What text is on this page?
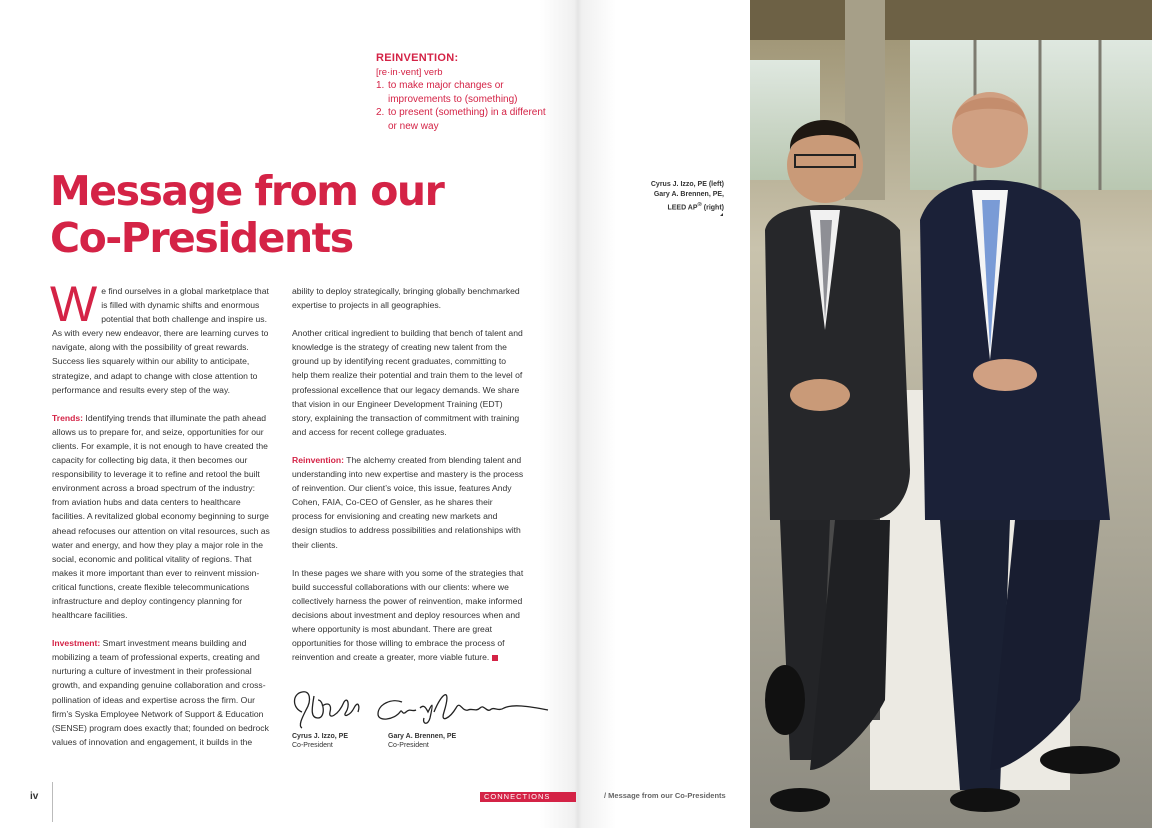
REINVENTION:
[re·in·vent] verb
1. to make major changes or improvements to (something)
2. to present (something) in a different or new way
Message from our
Co-Presidents

We find ourselves in a global marketplace that is filled with dynamic shifts and enormous potential that both challenge and inspire us. As with every new endeavor, there are learning curves to navigate, along with the possibility of great rewards. Success lies squarely within our ability to anticipate, strategize, and adapt to change with close attention to performance and results every step of the way.

Trends: Identifying trends that illuminate the path ahead allows us to prepare for, and seize, opportunities for our clients. For example, it is not enough to have created the capacity for collecting big data, it then becomes our responsibility to leverage it to refine and retool the built environment across a broad spectrum of the industry: from aviation hubs and data centers to healthcare facilities. A revitalized global economy beginning to surge ahead refocuses our attention on vital resources, such as water and energy, and how they play a major role in the social, economic and political vitality of regions. That makes it more important than ever to reinvent mission-critical functions, create flexible telecommunications infrastructure and deploy contingency planning for healthcare facilities.

Investment: Smart investment means building and mobilizing a team of professional experts, creating and nurturing a culture of investment in their professional growth, and expanding genuine collaboration and cross-pollination of ideas and expertise across the firm. Our firm’s Syska Employee Network of Support & Education (SENSE) program does exactly that; founded on bedrock values of innovation and engagement, it builds in the

ability to deploy strategically, bringing globally benchmarked expertise to projects in all geographies.

Another critical ingredient to building that bench of talent and knowledge is the strategy of creating new talent from the ground up by identifying recent graduates, committing to help them realize their potential and train them to the level of professional excellence that our legacy demands. We share that vision in our Engineer Development Training (EDT) story, explaining the transaction of commitment with training and access for recent college graduates.

Reinvention: The alchemy created from blending talent and understanding into new expertise and mastery is the process of reinvention. Our client’s voice, this issue, features Andy Cohen, FAIA, Co-CEO of Gensler, as he shares their process for envisioning and creating new markets and design studios to address possibilities and relationships with their clients.

In these pages we share with you some of the strategies that build successful collaborations with our clients: where we collectively harness the power of reinvention, make informed decisions about investment and deploy resources when and where opportunity is most abundant. There are great opportunities for those willing to embrace the process of reinvention and create a greater, more viable future.

Cyrus J. Izzo, PE
Co-President
Gary A. Brennen, PE
Co-President
Cyrus J. Izzo, PE (left)
Gary A. Brennen, PE,
LEED AP® (right)
iv	CONNECTIONS	/ Message from our Co-Presidents
